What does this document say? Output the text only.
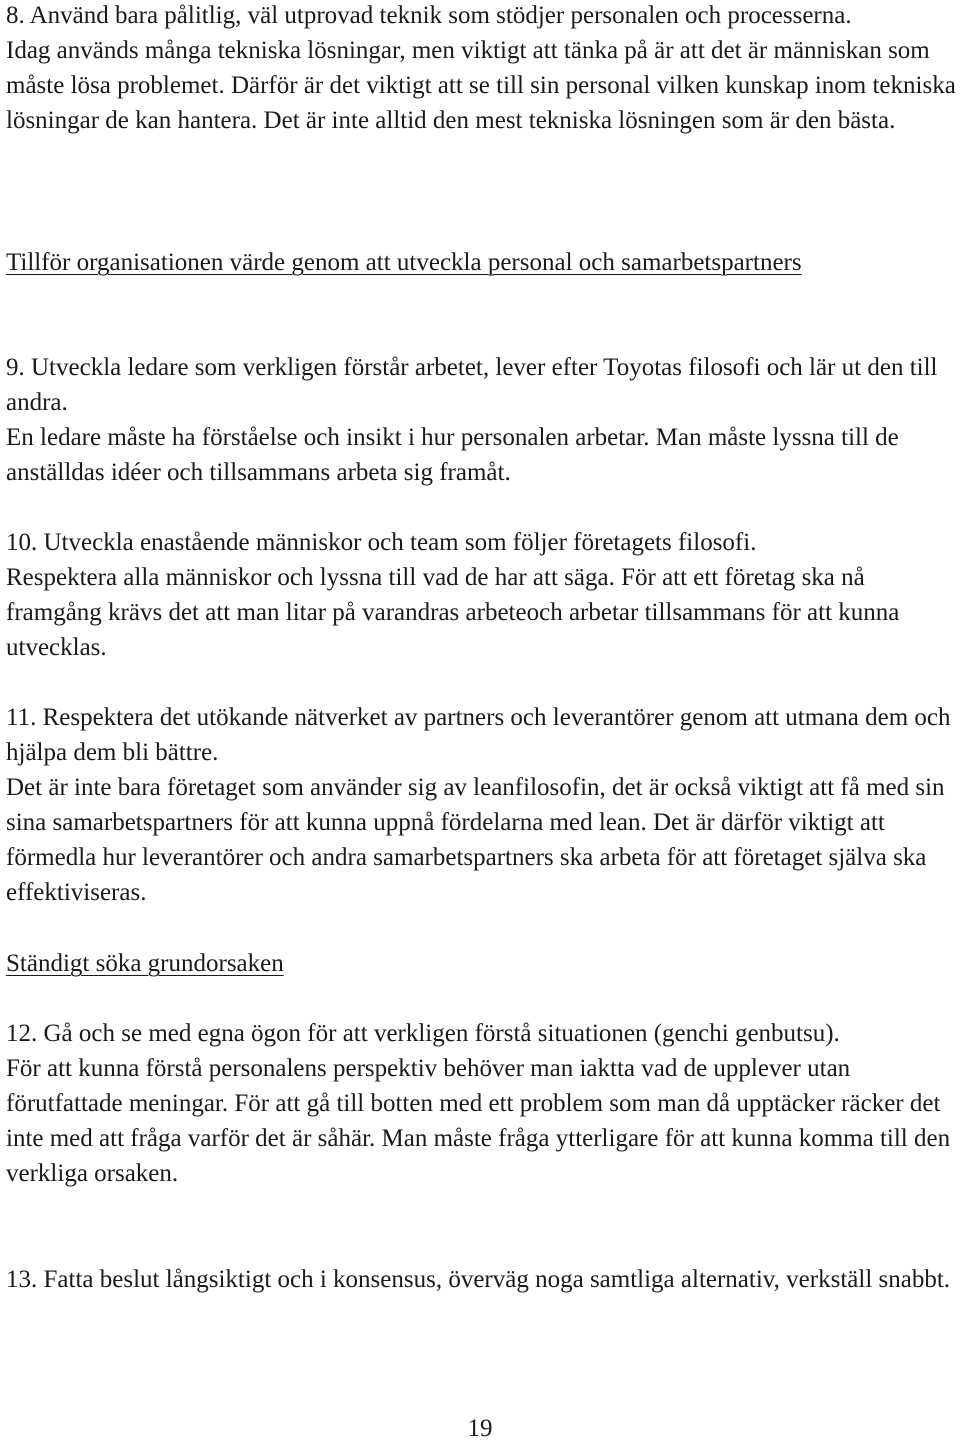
8. Använd bara pålitlig, väl utprovad teknik som stödjer personalen och processerna.

Idag används många tekniska lösningar, men viktigt att tänka på är att det är människan som måste lösa problemet. Därför är det viktigt att se till sin personal vilken kunskap inom tekniska lösningar de kan hantera. Det är inte alltid den mest tekniska lösningen som är den bästa.

Tillför organisationen värde genom att utveckla personal och samarbetspartners

9. Utveckla ledare som verkligen förstår arbetet, lever efter Toyotas filosofi och lär ut den till andra.

En ledare måste ha förståelse och insikt i hur personalen arbetar. Man måste lyssna till de anställdas idéer och tillsammans arbeta sig framåt.

10. Utveckla enastående människor och team som följer företagets filosofi.

Respektera alla människor och lyssna till vad de har att säga. För att ett företag ska nå framgång krävs det att man litar på varandras arbeteoch arbetar tillsammans för att kunna utvecklas.

11. Respektera det utökande nätverket av partners och leverantörer genom att utmana dem och hjälpa dem bli bättre.

Det är inte bara företaget som använder sig av leanfilosofin, det är också viktigt att få med sin sina samarbetspartners för att kunna uppnå fördelarna med lean. Det är därför viktigt att förmedla hur leverantörer och andra samarbetspartners ska arbeta för att företaget själva ska effektiviseras.

Ständigt söka grundorsaken

12. Gå och se med egna ögon för att verkligen förstå situationen (genchi genbutsu).

För att kunna förstå personalens perspektiv behöver man iaktta vad de upplever utan förutfattade meningar. För att gå till botten med ett problem som man då upptäcker räcker det inte med att fråga varför det är såhär. Man måste fråga ytterligare för att kunna komma till den verkliga orsaken.

13. Fatta beslut långsiktigt och i konsensus, överväg noga samtliga alternativ, verkställ snabbt.

19
